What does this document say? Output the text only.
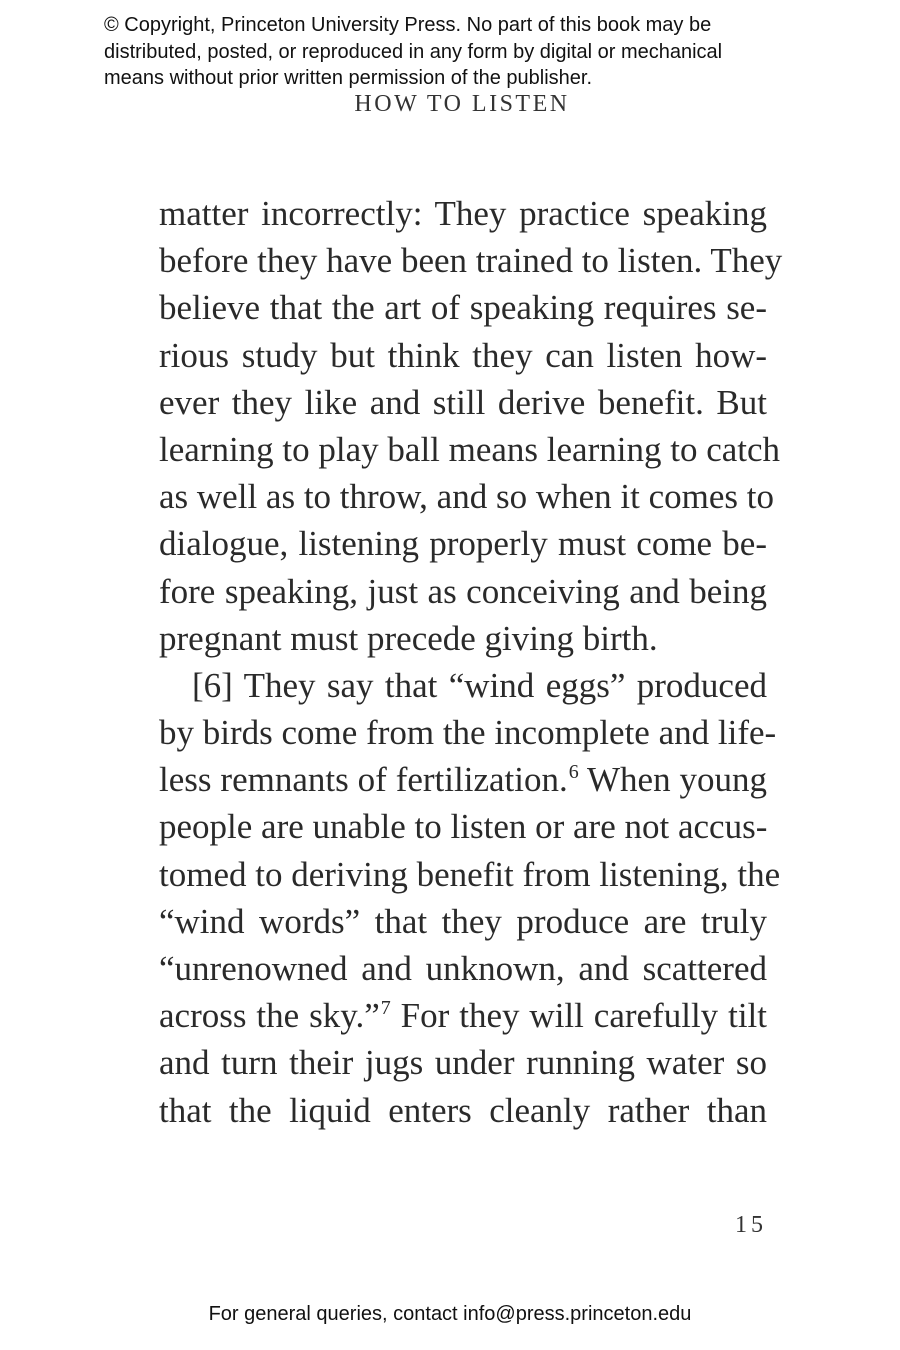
© Copyright, Princeton University Press. No part of this book may be
distributed, posted, or reproduced in any form by digital or mechanical
means without prior written permission of the publisher.
HOW TO LISTEN
matter incorrectly: They practice speaking
before they have been trained to listen. They
believe that the art of speaking requires se-
rious study but think they can listen how-
ever they like and still derive benefit. But
learning to play ball means learning to catch
as well as to throw, and so when it comes to
dialogue, listening properly must come be-
fore speaking, just as conceiving and being
pregnant must precede giving birth.
[6] They say that “wind eggs” produced
by birds come from the incomplete and life-
less remnants of fertilization.$^6$ When young
people are unable to listen or are not accus-
tomed to deriving benefit from listening, the
“wind words” that they produce are truly
“unrenowned and unknown, and scattered
across the sky.”$^7$ For they will carefully tilt
and turn their jugs under running water so
that the liquid enters cleanly rather than
15
For general queries, contact info@press.princeton.edu
